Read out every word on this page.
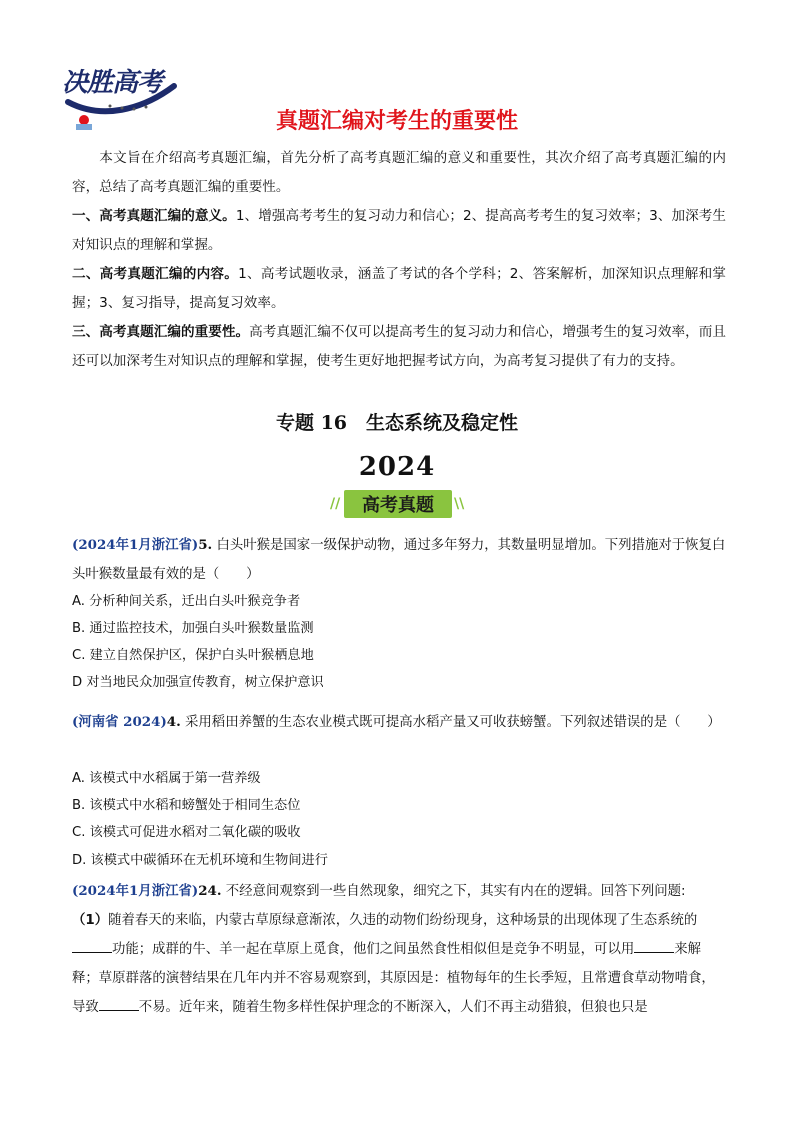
决胜高考
真题汇编对考生的重要性
本文旨在介绍高考真题汇编，首先分析了高考真题汇编的意义和重要性，其次介绍了高考真题汇编的内容，总结了高考真题汇编的重要性。
一、高考真题汇编的意义。1、增强高考考生的复习动力和信心；2、提高高考考生的复习效率；3、加深考生对知识点的理解和掌握。
二、高考真题汇编的内容。1、高考试题收录，涵盖了考试的各个学科；2、答案解析，加深知识点理解和掌握；3、复习指导，提高复习效率。
三、高考真题汇编的重要性。高考真题汇编不仅可以提高考生的复习动力和信心，增强考生的复习效率，而且还可以加深考生对知识点的理解和掌握，使考生更好地把握考试方向，为高考复习提供了有力的支持。
专题 16　生态系统及稳定性
2024
//	高考真题	\\
(2024年1月浙江省)5. 白头叶猴是国家一级保护动物，通过多年努力，其数量明显增加。下列措施对于恢复白头叶猴数量最有效的是（　　）
A. 分析种间关系，迁出白头叶猴竞争者
B. 通过监控技术，加强白头叶猴数量监测
C. 建立自然保护区，保护白头叶猴栖息地
D 对当地民众加强宣传教育，树立保护意识
(河南省 2024)4. 采用稻田养蟹的生态农业模式既可提高水稻产量又可收获螃蟹。下列叙述错误的是（　　）
A. 该模式中水稻属于第一营养级
B. 该模式中水稻和螃蟹处于相同生态位
C. 该模式可促进水稻对二氧化碳的吸收
D. 该模式中碳循环在无机环境和生物间进行
(2024年1月浙江省)24. 不经意间观察到一些自然现象，细究之下，其实有内在的逻辑。回答下列问题:
（1）随着春天的来临，内蒙古草原绿意渐浓，久违的动物们纷纷现身，这种场景的出现体现了生态系统的功能；成群的牛、羊一起在草原上觅食，他们之间虽然食性相似但是竞争不明显，可以用	来解释；草原群落的演替结果在几年内并不容易观察到，其原因是：植物每年的生长季短，且常遭食草动物啃食，导致	不易。近年来，随着生物多样性保护理念的不断深入，人们不再主动猎狼，但狼也只是
